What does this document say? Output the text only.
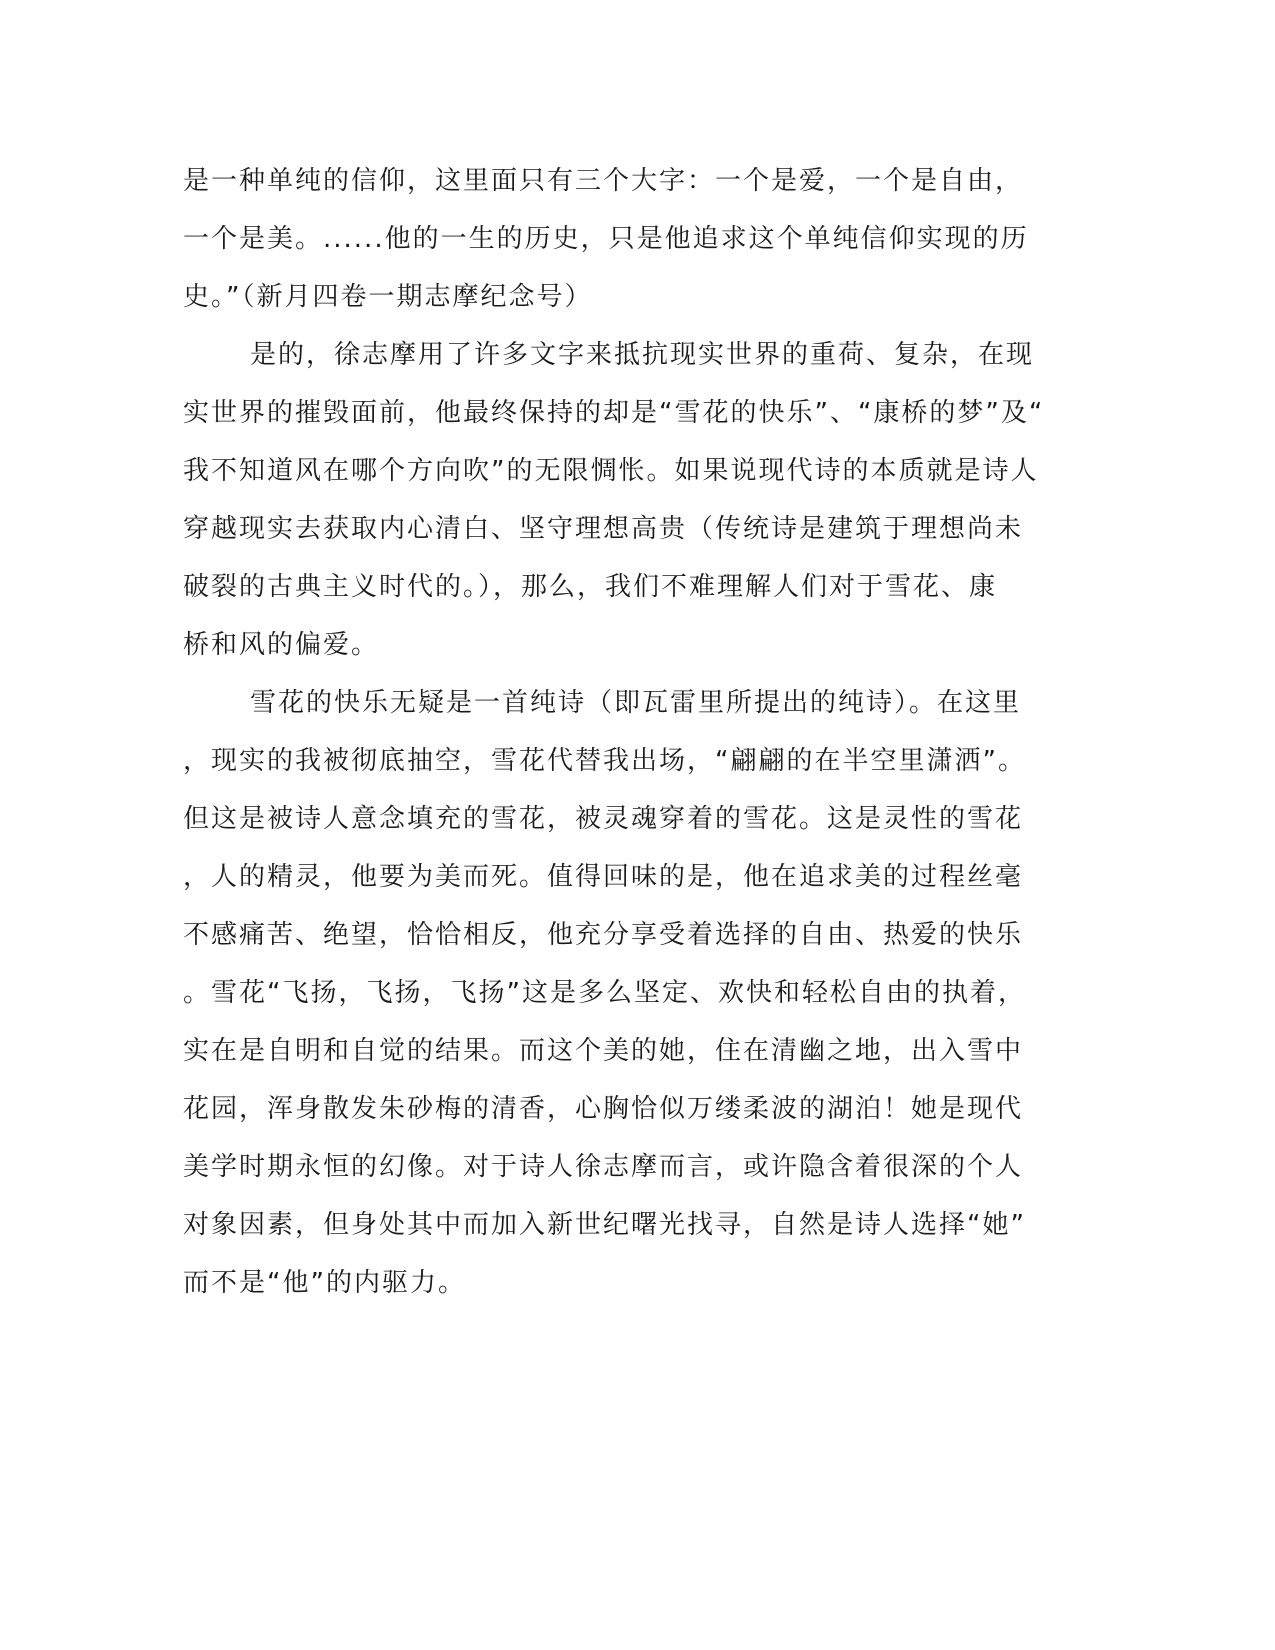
是一种单纯的信仰，这里面只有三个大字：一个是爱，一个是自由，
一个是美。......他的一生的历史，只是他追求这个单纯信仰实现的历
史。”（新月四卷一期志摩纪念号）
是的，徐志摩用了许多文字来抵抗现实世界的重荷、复杂，在现
实世界的摧毁面前，他最终保持的却是“雪花的快乐”、“康桥的梦”及“
我不知道风在哪个方向吹”的无限惆怅。如果说现代诗的本质就是诗人
穿越现实去获取内心清白、坚守理想高贵（传统诗是建筑于理想尚未
破裂的古典主义时代的。），那么，我们不难理解人们对于雪花、康
桥和风的偏爱。
雪花的快乐无疑是一首纯诗（即瓦雷里所提出的纯诗）。在这里
，现实的我被彻底抽空，雪花代替我出场，“翩翩的在半空里潇洒”。
但这是被诗人意念填充的雪花，被灵魂穿着的雪花。这是灵性的雪花
，人的精灵，他要为美而死。值得回味的是，他在追求美的过程丝毫
不感痛苦、绝望，恰恰相反，他充分享受着选择的自由、热爱的快乐
。雪花“飞扬，飞扬，飞扬”这是多么坚定、欢快和轻松自由的执着，
实在是自明和自觉的结果。而这个美的她，住在清幽之地，出入雪中
花园，浑身散发朱砂梅的清香，心胸恰似万缕柔波的湖泊！她是现代
美学时期永恒的幻像。对于诗人徐志摩而言，或许隐含着很深的个人
对象因素，但身处其中而加入新世纪曙光找寻，自然是诗人选择“她”
而不是“他”的内驱力。
